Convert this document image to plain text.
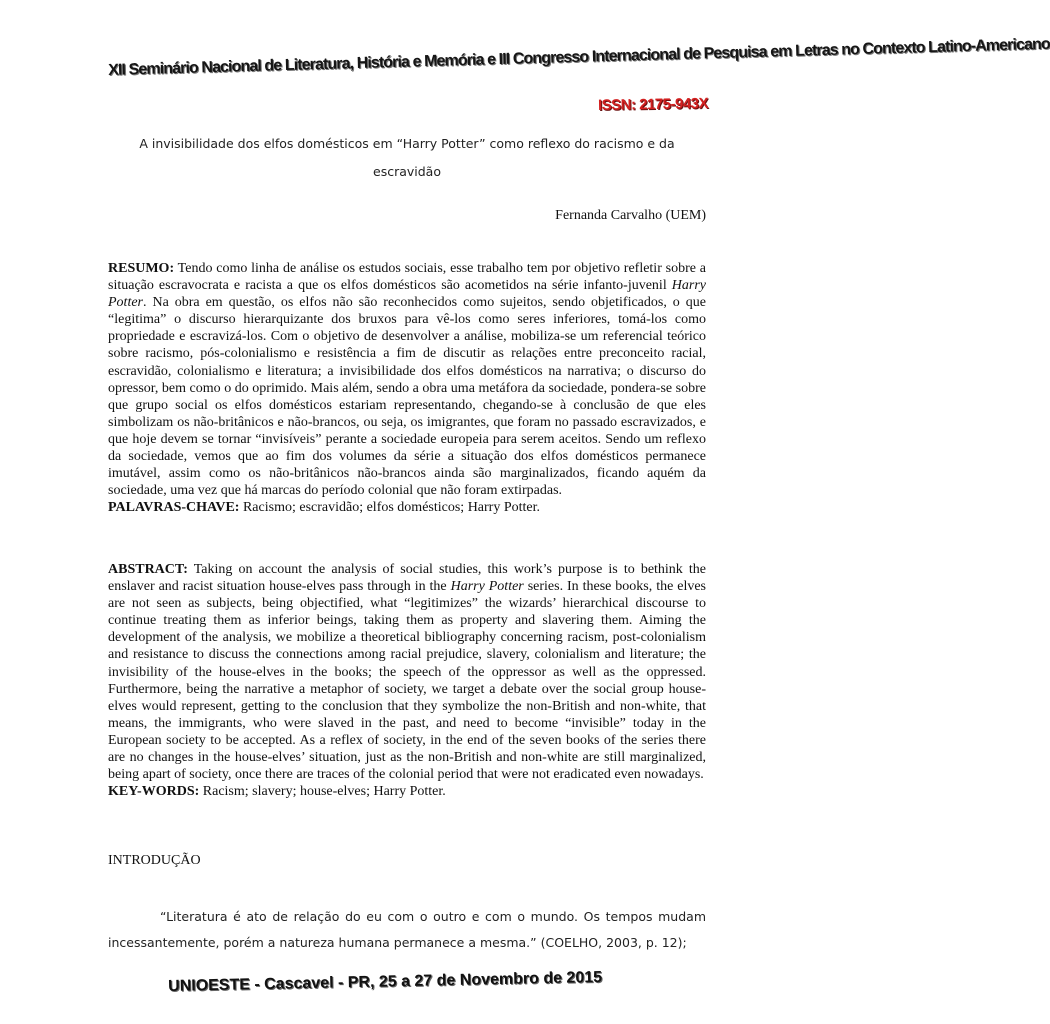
XII Seminário Nacional de Literatura, História e Memória e III Congresso Internacional de Pesquisa em Letras no Contexto Latino-Americano
ISSN: 2175-943X
A invisibilidade dos elfos domésticos em “Harry Potter” como reflexo do racismo e da escravidão
Fernanda Carvalho (UEM)

RESUMO: Tendo como linha de análise os estudos sociais, esse trabalho tem por objetivo refletir sobre a situação escravocrata e racista a que os elfos domésticos são acometidos na série infanto-juvenil Harry Potter. Na obra em questão, os elfos não são reconhecidos como sujeitos, sendo objetificados, o que “legitima” o discurso hierarquizante dos bruxos para vê-los como seres inferiores, tomá-los como propriedade e escravizá-los. Com o objetivo de desenvolver a análise, mobiliza-se um referencial teórico sobre racismo, pós-colonialismo e resistência a fim de discutir as relações entre preconceito racial, escravidão, colonialismo e literatura; a invisibilidade dos elfos domésticos na narrativa; o discurso do opressor, bem como o do oprimido. Mais além, sendo a obra uma metáfora da sociedade, pondera-se sobre que grupo social os elfos domésticos estariam representando, chegando-se à conclusão de que eles simbolizam os não-britânicos e não-brancos, ou seja, os imigrantes, que foram no passado escravizados, e que hoje devem se tornar “invisíveis” perante a sociedade europeia para serem aceitos. Sendo um reflexo da sociedade, vemos que ao fim dos volumes da série a situação dos elfos domésticos permanece imutável, assim como os não-britânicos não-brancos ainda são marginalizados, ficando aquém da sociedade, uma vez que há marcas do período colonial que não foram extirpadas.

PALAVRAS-CHAVE: Racismo; escravidão; elfos domésticos; Harry Potter.

ABSTRACT: Taking on account the analysis of social studies, this work’s purpose is to bethink the enslaver and racist situation house-elves pass through in the Harry Potter series. In these books, the elves are not seen as subjects, being objectified, what “legitimizes” the wizards’ hierarchical discourse to continue treating them as inferior beings, taking them as property and slavering them. Aiming the development of the analysis, we mobilize a theoretical bibliography concerning racism, post-colonialism and resistance to discuss the connections among racial prejudice, slavery, colonialism and literature; the invisibility of the house-elves in the books; the speech of the oppressor as well as the oppressed. Furthermore, being the narrative a metaphor of society, we target a debate over the social group house-elves would represent, getting to the conclusion that they symbolize the non-British and non-white, that means, the immigrants, who were slaved in the past, and need to become “invisible” today in the European society to be accepted. As a reflex of society, in the end of the seven books of the series there are no changes in the house-elves’ situation, just as the non-British and non-white are still marginalized, being apart of society, once there are traces of the colonial period that were not eradicated even nowadays.

KEY-WORDS: Racism; slavery; house-elves; Harry Potter.

INTRODUÇÃO
“Literatura é ato de relação do eu com o outro e com o mundo. Os tempos mudam incessantemente, porém a natureza humana permanece a mesma.” (COELHO, 2003, p. 12);
UNIOESTE - Cascavel - PR, 25 a 27 de Novembro de 2015
